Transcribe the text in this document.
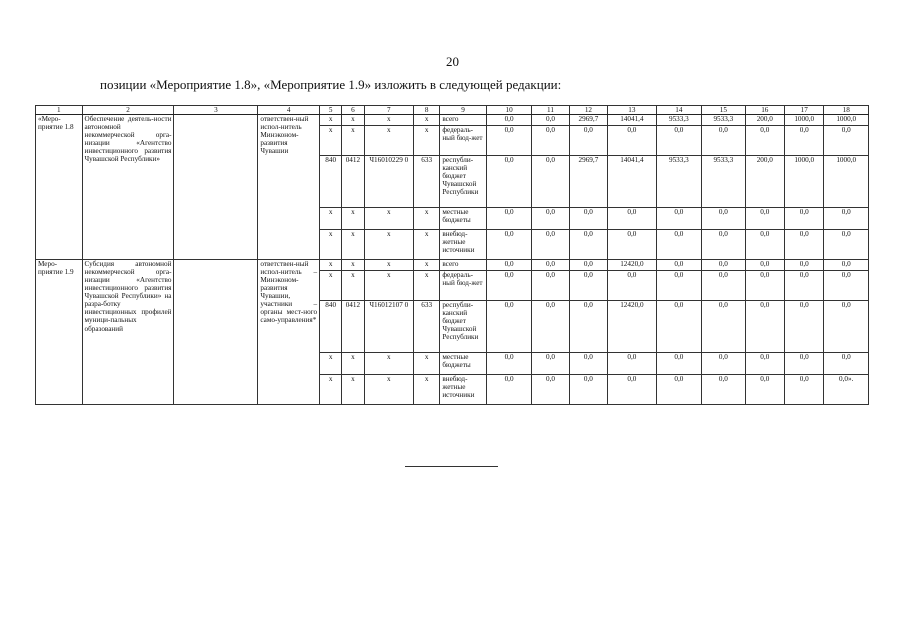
20
позиции «Мероприятие 1.8», «Мероприятие 1.9» изложить в следующей редакции:
1	2	3	4	5	6	7	8	9	10	11	12	13	14	15	16	17	18
«Меро-приятие 1.8	Обеспечение деятель-ности автономной некоммерческой орга-низации «Агентство инвестиционного развития Чувашской Республики»		ответствен-ный испол-нитель Минэконом-развития Чувашии	x	x	x	x	всего	0,0	0,0	2969,7	14041,4	9533,3	9533,3	200,0	1000,0	1000,0
				x	x	x	x	федераль-ный бюд-жет	0,0	0,0	0,0	0,0	0,0	0,0	0,0	0,0	0,0
				840	0412	Ч16010229 0	633	республи-канский бюджет Чувашской Республики	0,0	0,0	2969,7	14041,4	9533,3	9533,3	200,0	1000,0	1000,0
				x	x	x	x	местные бюджеты	0,0	0,0	0,0	0,0	0,0	0,0	0,0	0,0	0,0
				x	x	x	x	внебюд-жетные источники	0,0	0,0	0,0	0,0	0,0	0,0	0,0	0,0	0,0
Меро-приятие 1.9	Субсидия автономной некоммерческой орга-низации «Агентство инвестиционного развития Чувашской Республики» на разра-ботку инвестиционных профилей муници-пальных образований		ответствен-ный испол-нитель – Минэконом-развития Чувашии, участники – органы мест-ного само-управления*	x	x	x	x	всего	0,0	0,0	0,0	12420,0	0,0	0,0	0,0	0,0	0,0
				x	x	x	x	федераль-ный бюд-жет	0,0	0,0	0,0	0,0	0,0	0,0	0,0	0,0	0,0
				840	0412	Ч16012107 0	633	республи-канский бюджет Чувашской Республики	0,0	0,0	0,0	12420,0	0,0	0,0	0,0	0,0	0,0
				x	x	x	x	местные бюджеты	0,0	0,0	0,0	0,0	0,0	0,0	0,0	0,0	0,0
				x	x	x	x	внебюд-жетные источники	0,0	0,0	0,0	0,0	0,0	0,0	0,0	0,0	0,0».
